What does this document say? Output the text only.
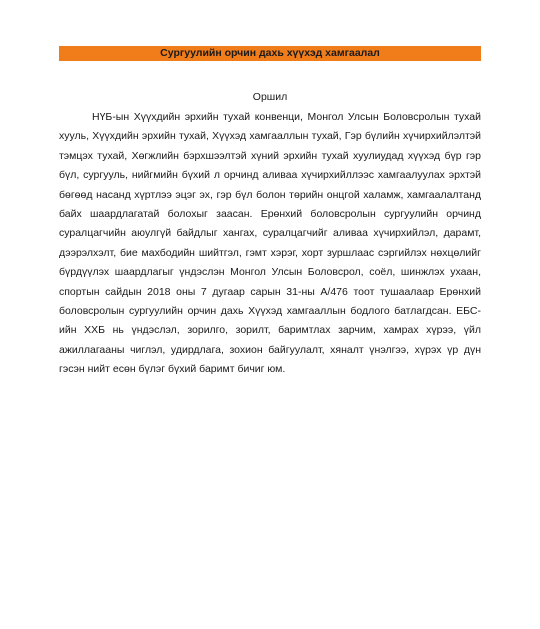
Сургуулийн орчин дахь хүүхэд хамгаалал
Оршил

НҮБ-ын Хүүхдийн эрхийн тухай конвенци, Монгол Улсын Боловсролын тухай хууль, Хүүхдийн эрхийн тухай, Хүүхэд хамгааллын тухай, Гэр бүлийн хүчирхийлэлтэй тэмцэх тухай, Хөгжлийн бэрхшээлтэй хүний эрхийн тухай хуулиудад хүүхэд бүр гэр бүл, сургууль, нийгмийн бүхий л орчинд аливаа хүчирхийллээс хамгаалуулах эрхтэй бөгөөд насанд хүртлээ эцэг эх, гэр бүл болон төрийн онцгой халамж, хамгаалалтанд байх шаардлагатай болохыг заасан. Ерөнхий боловсролын сургуулийн орчинд суралцагчийн аюулгүй байдлыг хангах, суралцагчийг аливаа хүчирхийлэл, дарамт, дээрэлхэлт, бие махбодийн шийтгэл, гэмт хэрэг, хорт зуршлаас сэргийлэх нөхцөлийг бүрдүүлэх шаардлагыг үндэслэн Монгол Улсын Боловсрол, соёл, шинжлэх ухаан, спортын сайдын 2018 оны 7 дугаар сарын 31-ны А/476 тоот тушаалаар Ерөнхий боловсролын сургуулийн орчин дахь Хүүхэд хамгааллын бодлого батлагдсан. ЕБС-ийн ХХБ нь үндэслэл, зорилго, зорилт, баримтлах зарчим, хамрах хүрээ, үйл ажиллагааны чиглэл, удирдлага, зохион байгуулалт, хяналт үнэлгээ, хүрэх үр дүн гэсэн нийт есөн бүлэг бүхий баримт бичиг юм.
